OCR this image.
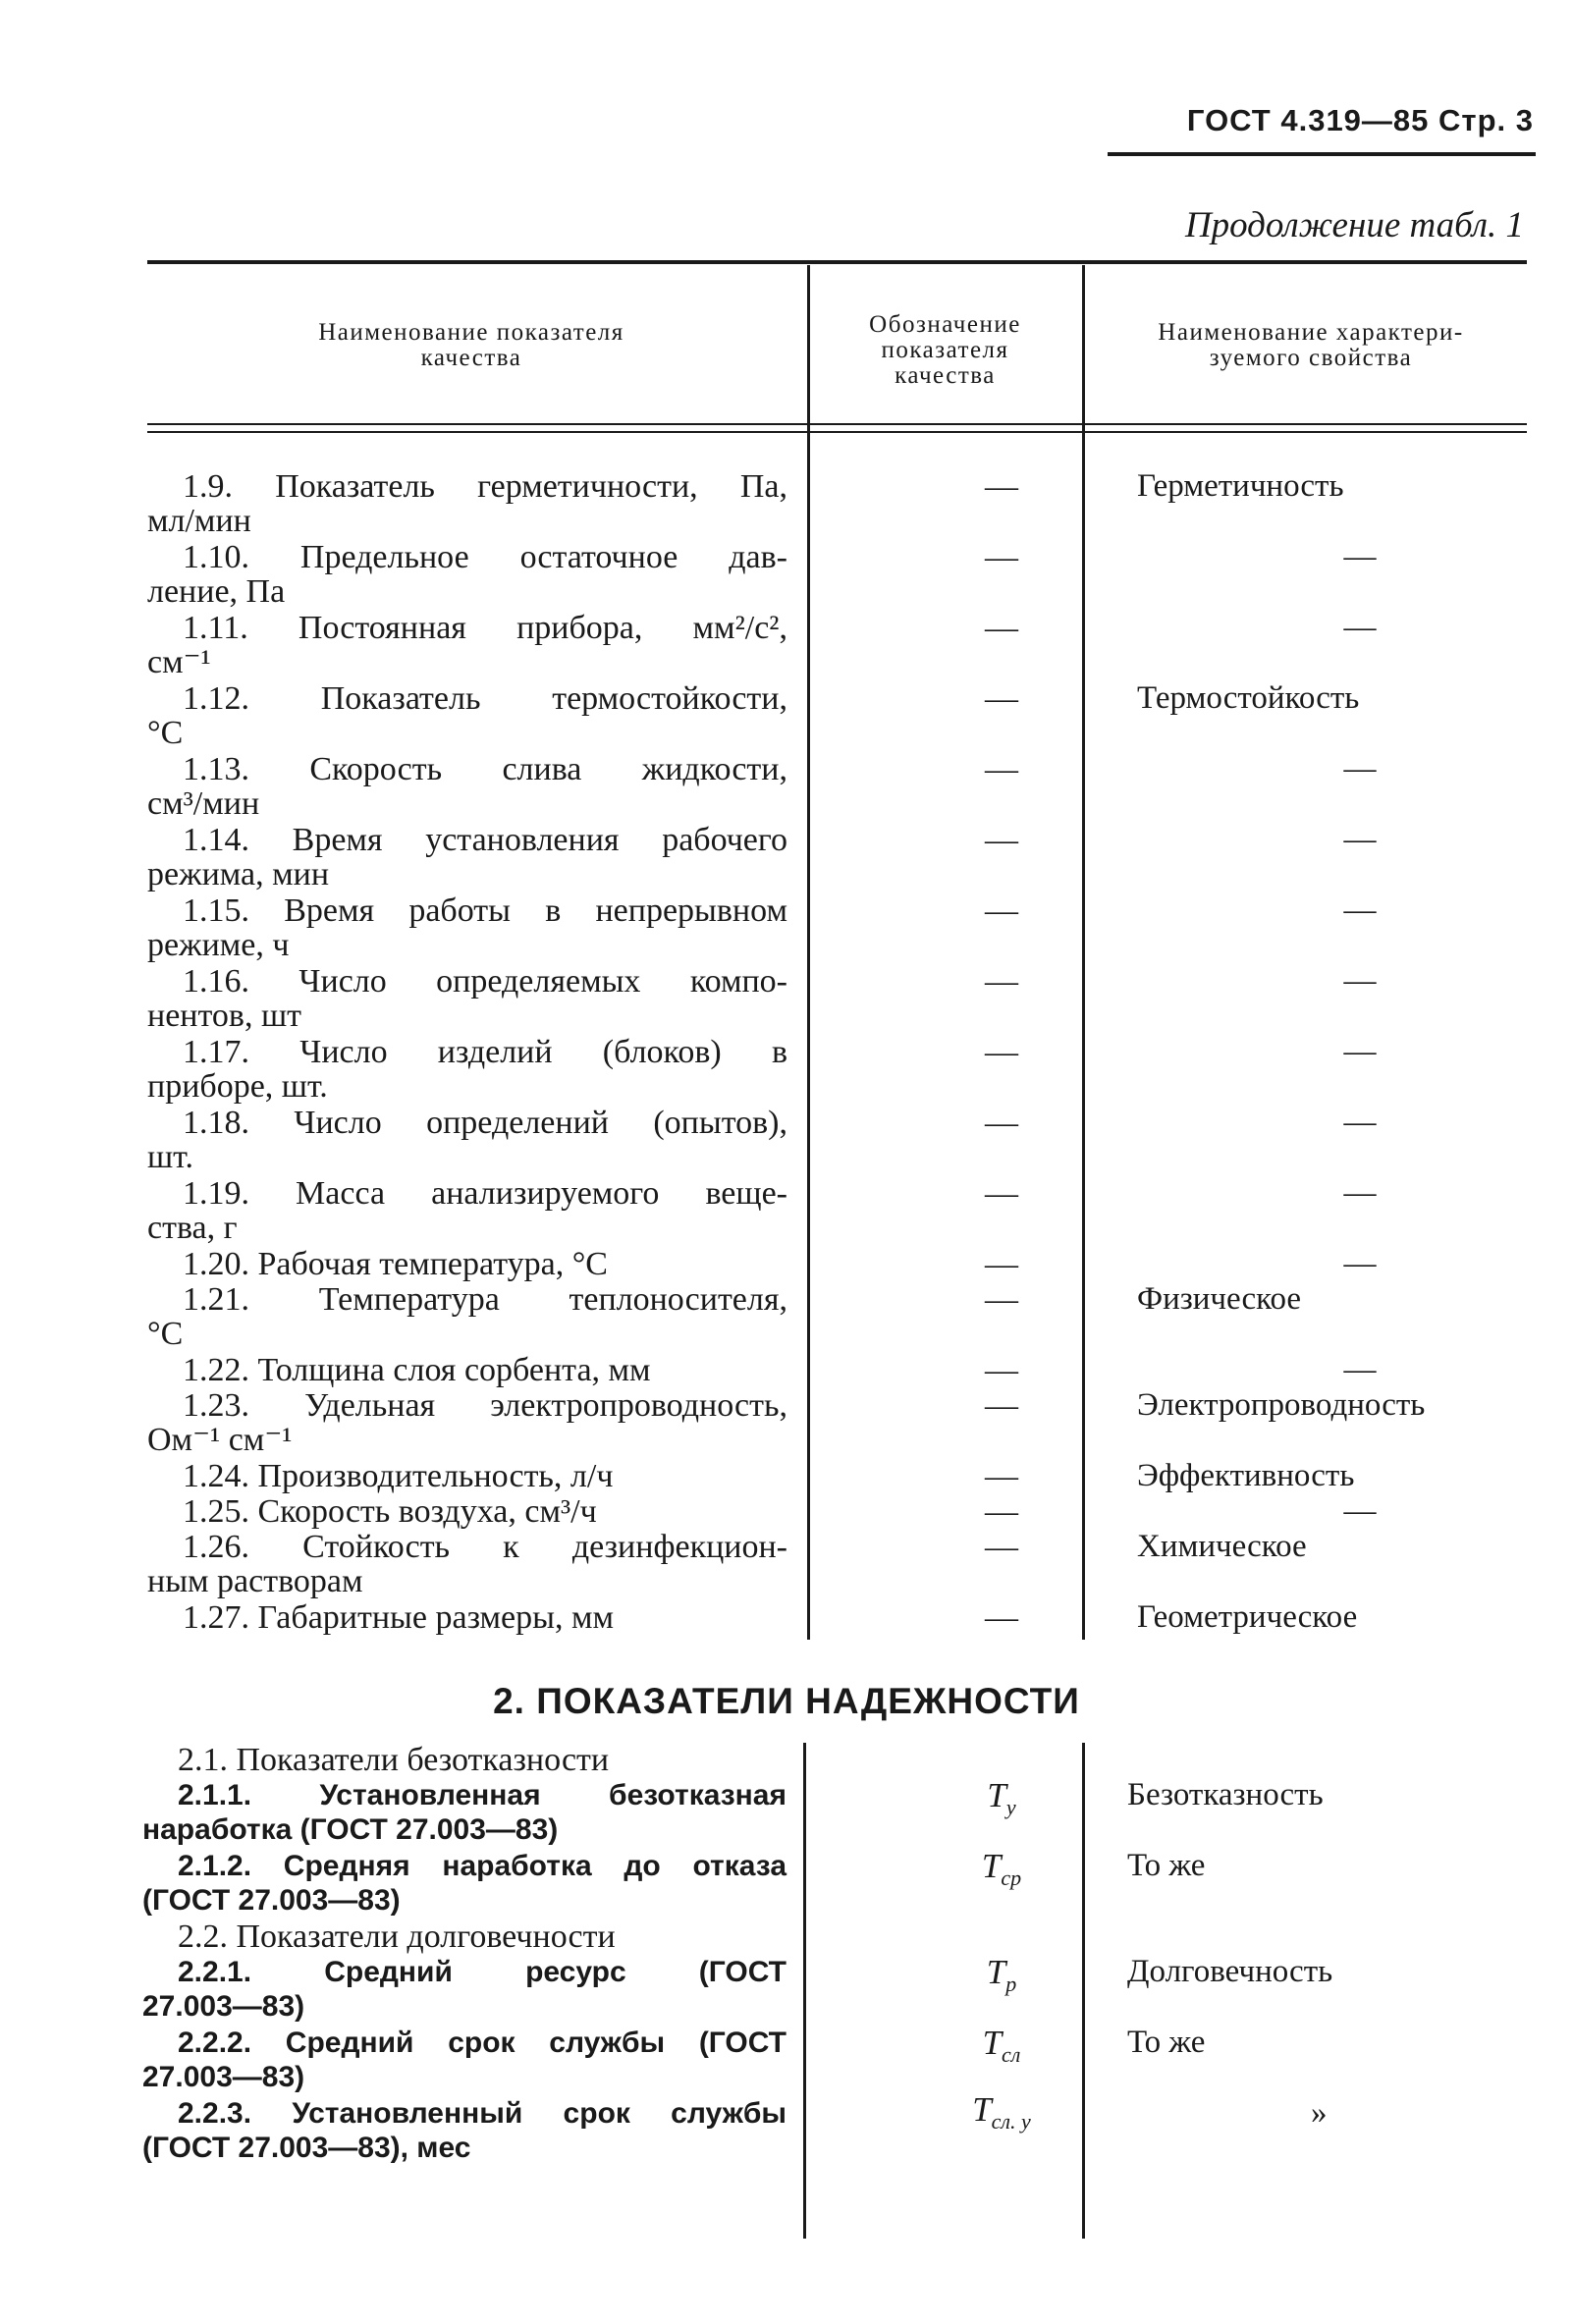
ГОСТ 4.319—85 Стр. 3
Продолжение табл. 1
Наименование показателя
качества
Обозначение
показателя
качества
Наименование характери-
зуемого свойства
1.9. Показатель герметичности, Па,
мл/мин
—	Герметичность
1.10. Предельное остаточное дав-
ление, Па
—	—
1.11. Постоянная прибора, мм²/с²,
см⁻¹
—	—
1.12. Показатель термостойкости,
°С
—	Термостойкость
1.13. Скорость слива жидкости,
см³/мин
—	—
1.14. Время установления рабочего
режима, мин
—	—
1.15. Время работы в непрерывном
режиме, ч
—	—
1.16. Число определяемых компо-
нентов, шт
—	—
1.17. Число изделий (блоков) в
приборе, шт.
—	—
1.18. Число определений (опытов),
шт.
—	—
1.19. Масса анализируемого веще-
ства, г
—	—
1.20. Рабочая температура, °С	—	—
1.21. Температура теплоносителя,
°С
—	Физическое
1.22. Толщина слоя сорбента, мм	—	—
1.23. Удельная электропроводность,
Ом⁻¹ см⁻¹
—	Электропроводность
1.24. Производительность, л/ч	—	Эффективность
1.25. Скорость воздуха, см³/ч	—	—
1.26. Стойкость к дезинфекцион-
ным растворам
—	Химическое
1.27. Габаритные размеры, мм	—	Геометрическое
2. ПОКАЗАТЕЛИ НАДЕЖНОСТИ
2.1. Показатели безотказности
2.1.1. Установленная безотказная
наработка (ГОСТ 27.003—83)
$T_у$	Безотказность
2.1.2. Средняя наработка до отказа
(ГОСТ 27.003—83)
$T_{ср}$	То же
2.2. Показатели долговечности
2.2.1. Средний ресурс (ГОСТ
27.003—83)
$T_р$	Долговечность
2.2.2. Средний срок службы (ГОСТ
27.003—83)
$T_{сл}$	То же
2.2.3. Установленный срок службы
(ГОСТ 27.003—83), мес
$T_{сл. у}$	»
